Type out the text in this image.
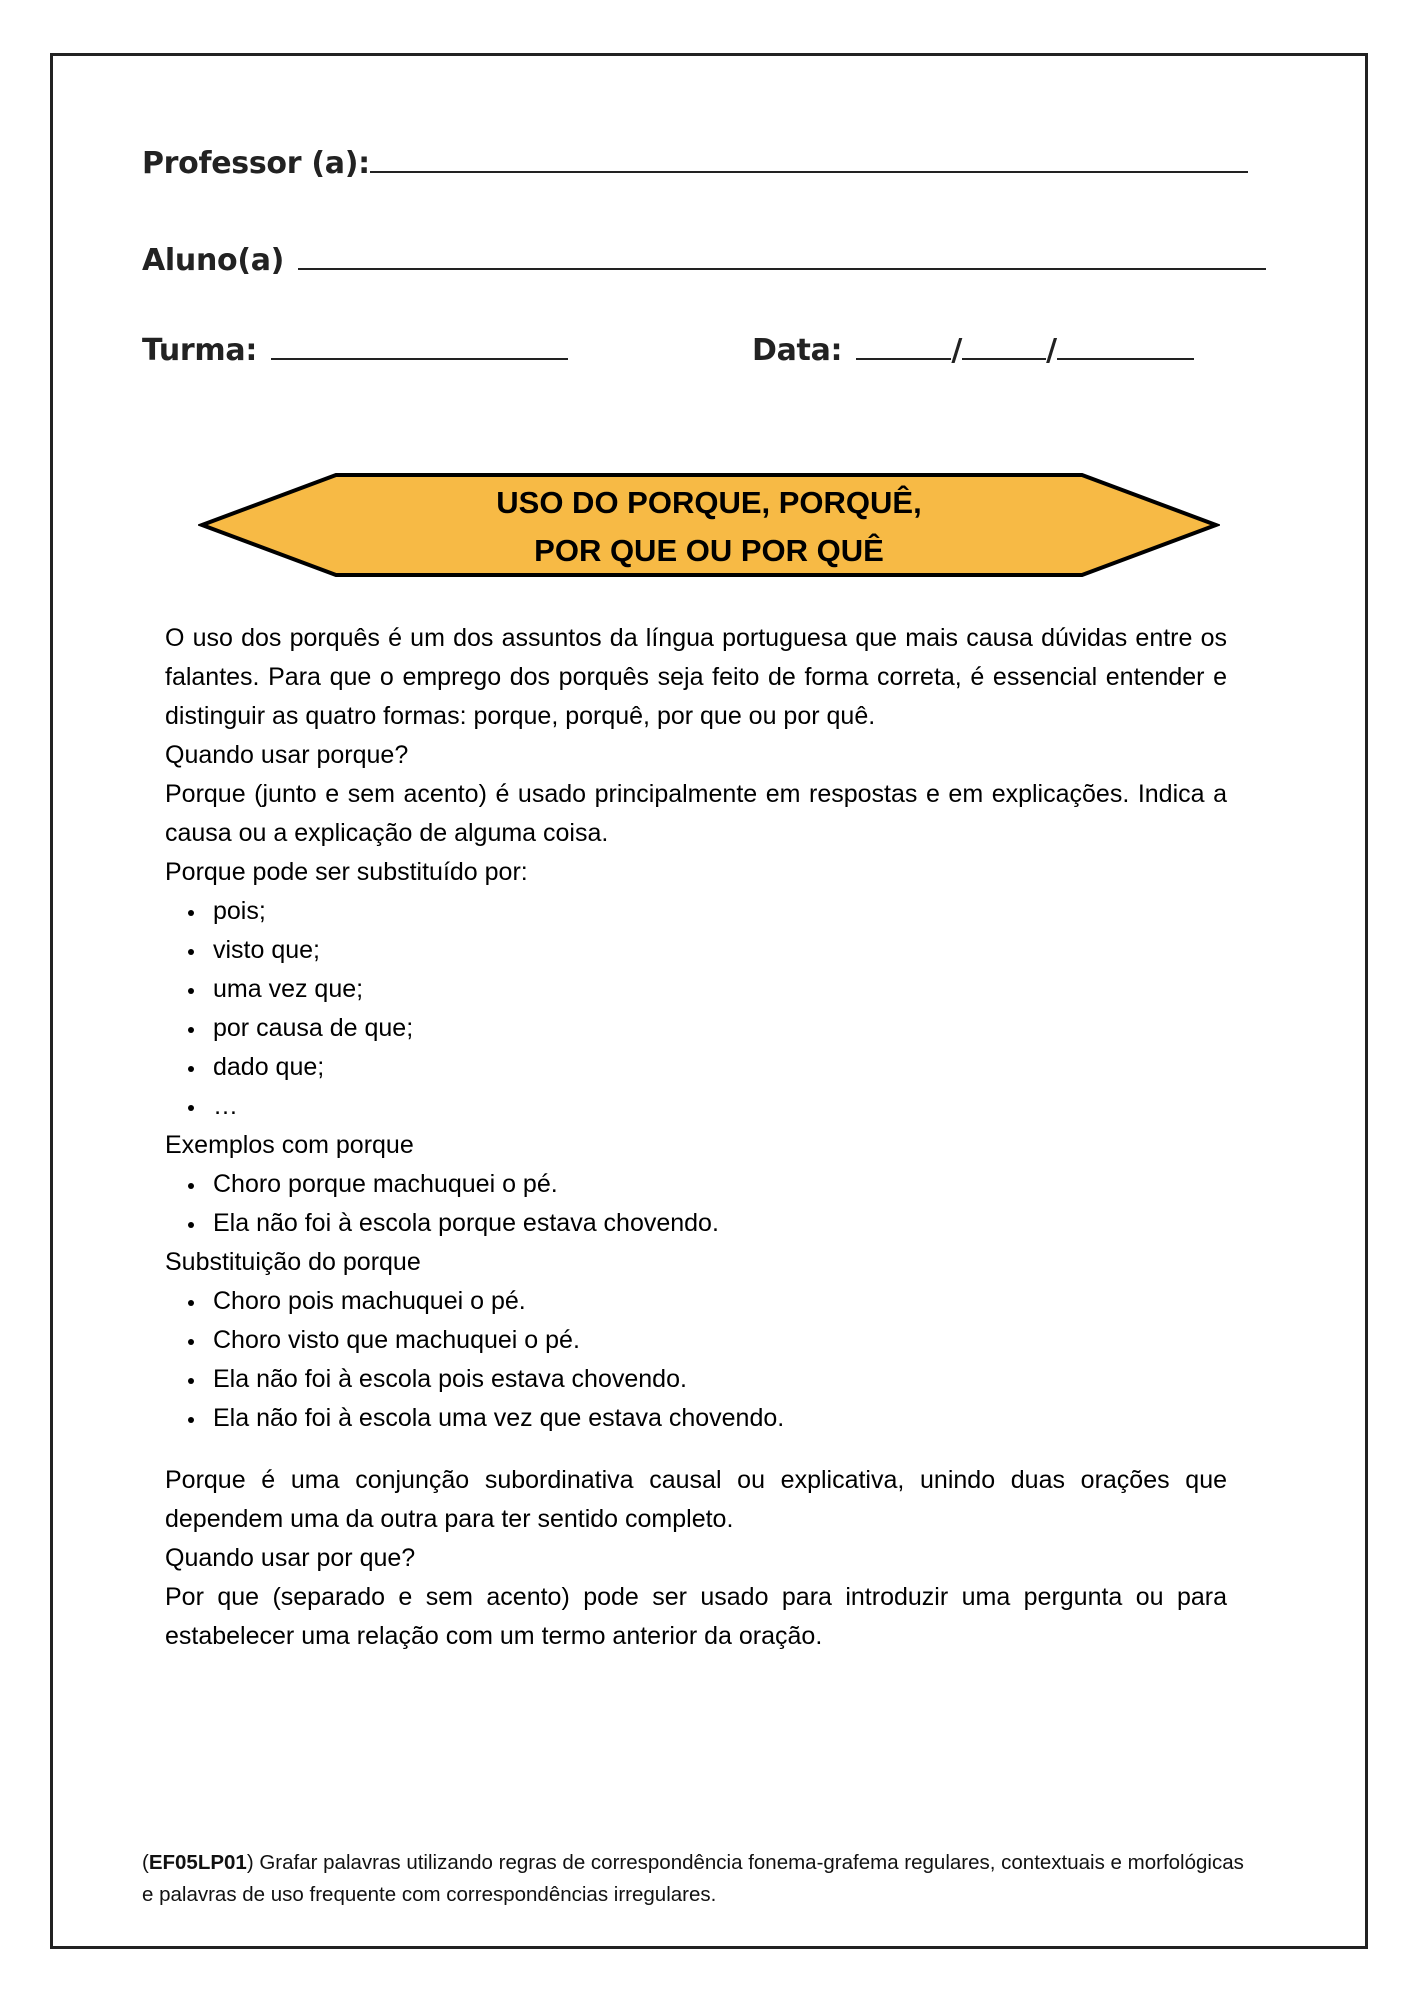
Professor (a):
Aluno(a)
Turma:	Data:	/	/
USO DO PORQUE, PORQUÊ,
POR QUE OU POR QUÊ

O uso dos porquês é um dos assuntos da língua portuguesa que mais causa dúvidas entre os falantes. Para que o emprego dos porquês seja feito de forma correta, é essencial entender e distinguir as quatro formas: porque, porquê, por que ou por quê.

Quando usar porque?

Porque (junto e sem acento) é usado principalmente em respostas e em explicações. Indica a causa ou a explicação de alguma coisa.

Porque pode ser substituído por:

pois;
visto que;
uma vez que;
por causa de que;
dado que;
…

Exemplos com porque

Choro porque machuquei o pé.
Ela não foi à escola porque estava chovendo.

Substituição do porque

Choro pois machuquei o pé.
Choro visto que machuquei o pé.
Ela não foi à escola pois estava chovendo.
Ela não foi à escola uma vez que estava chovendo.

Porque é uma conjunção subordinativa causal ou explicativa, unindo duas orações que dependem uma da outra para ter sentido completo.

Quando usar por que?

Por que (separado e sem acento) pode ser usado para introduzir uma pergunta ou para estabelecer uma relação com um termo anterior da oração.

(EF05LP01) Grafar palavras utilizando regras de correspondência fonema-grafema regulares, contextuais e morfológicas e palavras de uso frequente com correspondências irregulares.
